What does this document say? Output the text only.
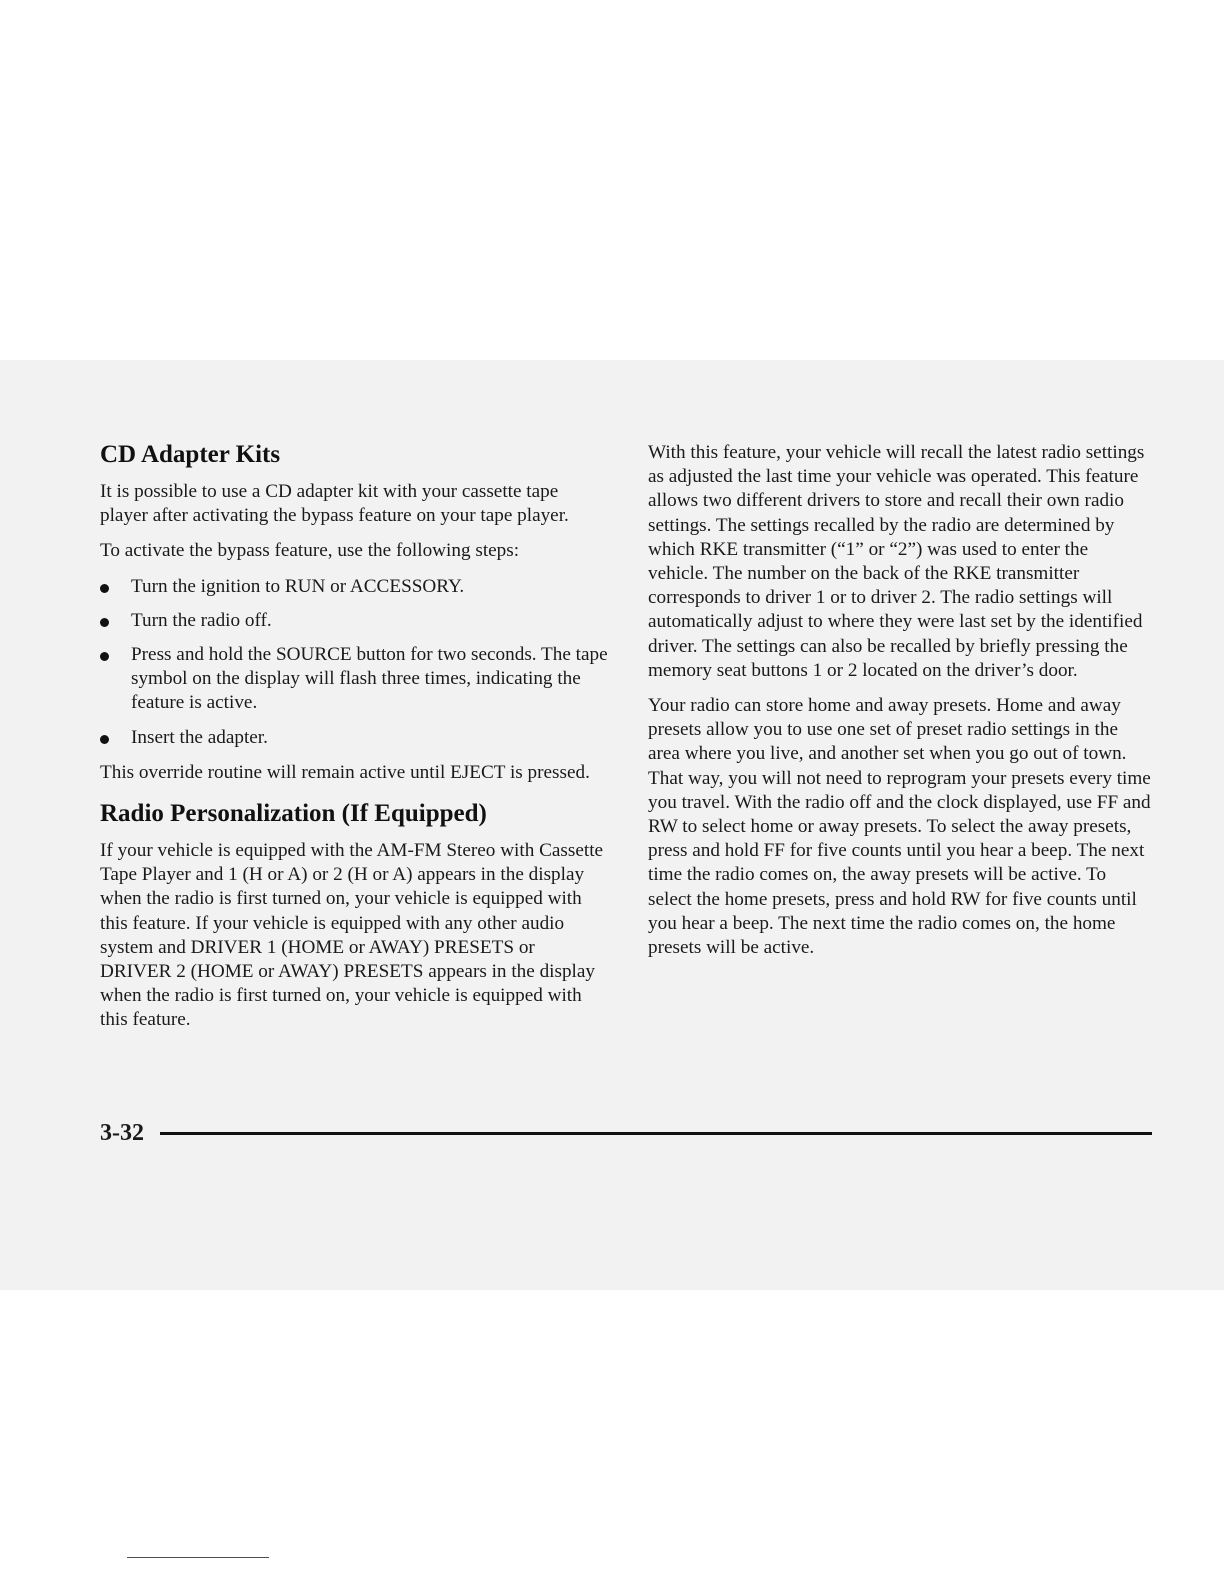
CD Adapter Kits

It is possible to use a CD adapter kit with your cassette tape player after activating the bypass feature on your tape player.

To activate the bypass feature, use the following steps:

Turn the ignition to RUN or ACCESSORY.
Turn the radio off.
Press and hold the SOURCE button for two seconds. The tape symbol on the display will flash three times, indicating the feature is active.
Insert the adapter.

This override routine will remain active until EJECT is pressed.

Radio Personalization (If Equipped)

If your vehicle is equipped with the AM-FM Stereo with Cassette Tape Player and 1 (H or A) or 2 (H or A) appears in the display when the radio is first turned on, your vehicle is equipped with this feature. If your vehicle is equipped with any other audio system and DRIVER 1 (HOME or AWAY) PRESETS or DRIVER 2 (HOME or AWAY) PRESETS appears in the display when the radio is first turned on, your vehicle is equipped with this feature.

With this feature, your vehicle will recall the latest radio settings as adjusted the last time your vehicle was operated. This feature allows two different drivers to store and recall their own radio settings. The settings recalled by the radio are determined by which RKE transmitter (“1” or “2”) was used to enter the vehicle. The number on the back of the RKE transmitter corresponds to driver 1 or to driver 2. The radio settings will automatically adjust to where they were last set by the identified driver. The settings can also be recalled by briefly pressing the memory seat buttons 1 or 2 located on the driver’s door.

Your radio can store home and away presets. Home and away presets allow you to use one set of preset radio settings in the area where you live, and another set when you go out of town. That way, you will not need to reprogram your presets every time you travel. With the radio off and the clock displayed, use FF and RW to select home or away presets. To select the away presets, press and hold FF for five counts until you hear a beep. The next time the radio comes on, the away presets will be active. To select the home presets, press and hold RW for five counts until you hear a beep. The next time the radio comes on, the home presets will be active.

3-32
